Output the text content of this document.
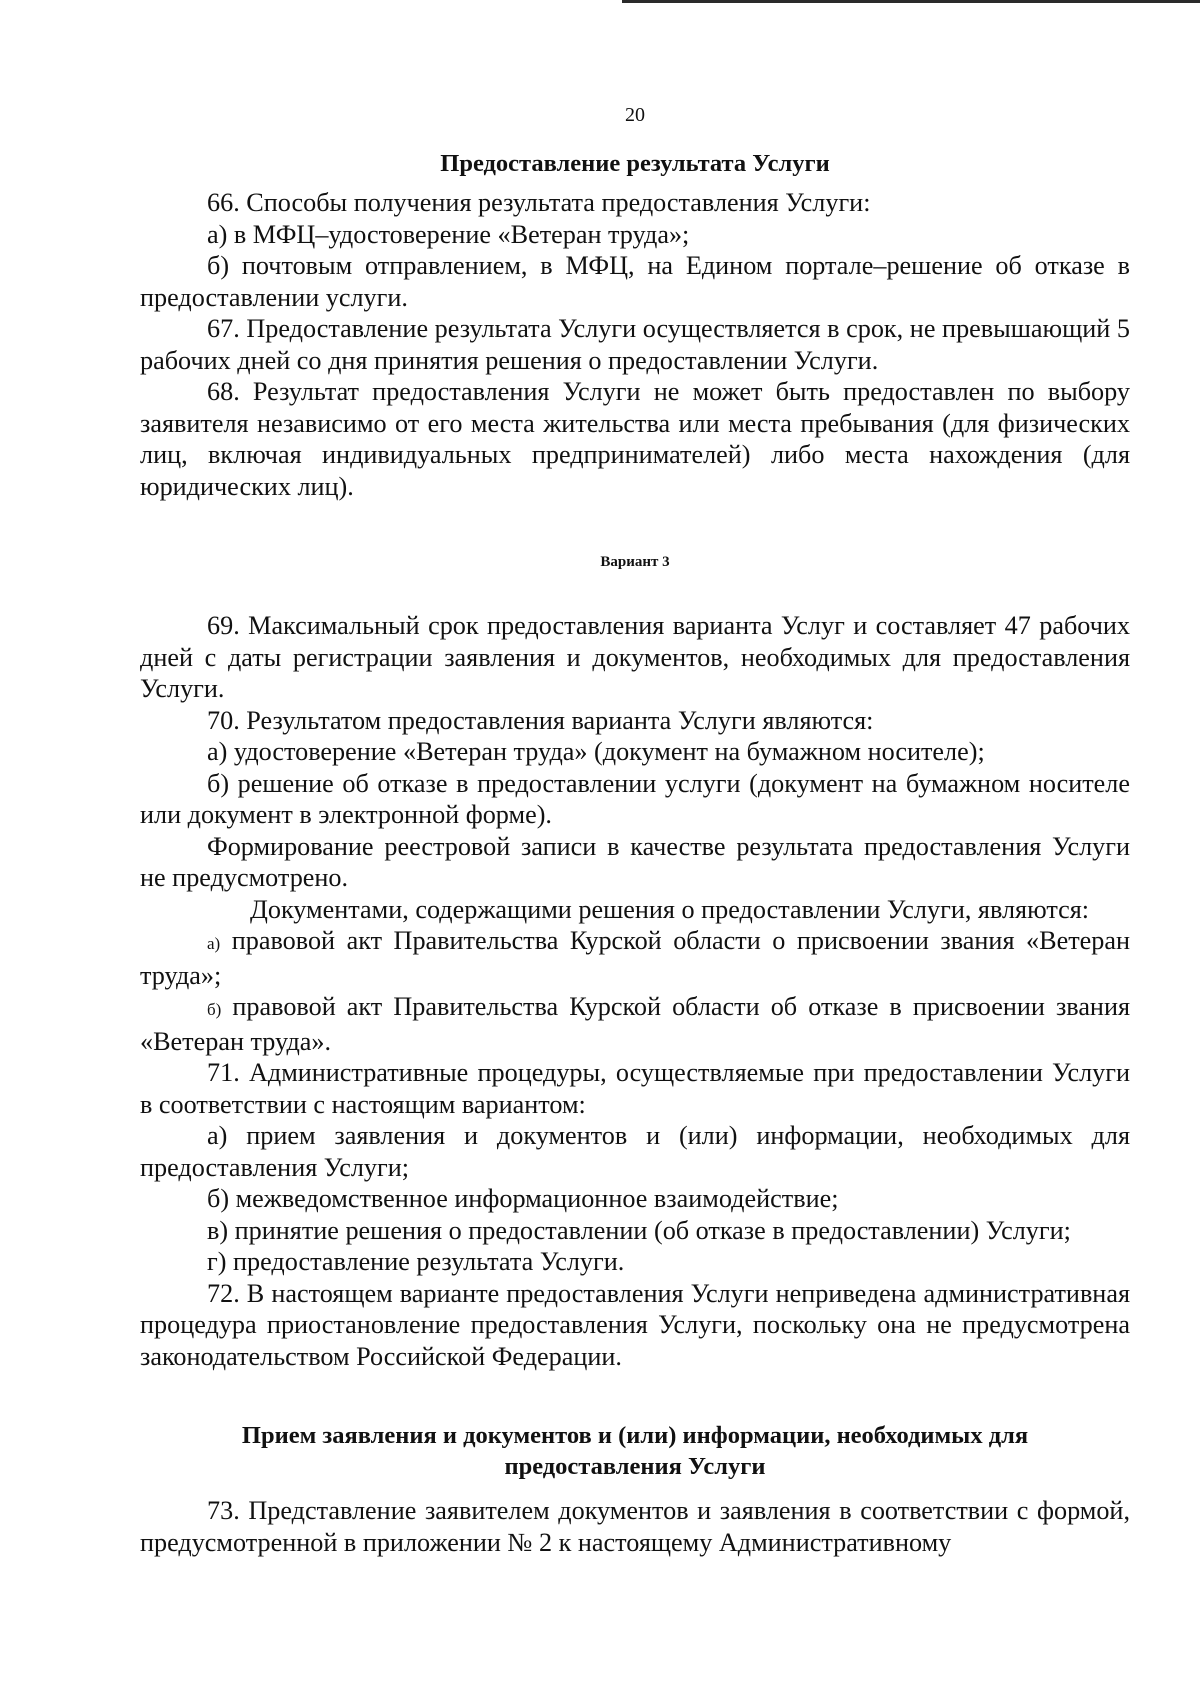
20

Предоставление результата Услуги

66. Способы получения результата предоставления Услуги:

а) в МФЦ–удостоверение «Ветеран труда»;

б) почтовым отправлением, в МФЦ, на Едином портале–решение об отказе в предоставлении услуги.

67. Предоставление результата Услуги осуществляется в срок, не превышающий 5 рабочих дней со дня принятия решения о предоставлении Услуги.

68. Результат предоставления Услуги не может быть предоставлен по выбору заявителя независимо от его места жительства или места пребывания (для физических лиц, включая индивидуальных предпринимателей) либо места нахождения (для юридических лиц).

Вариант 3

69. Максимальный срок предоставления варианта Услуг и составляет 47 рабочих дней с даты регистрации заявления и документов, необходимых для предоставления Услуги.

70. Результатом предоставления варианта Услуги являются:

а) удостоверение «Ветеран труда» (документ на бумажном носителе);

б) решение об отказе в предоставлении услуги (документ на бумажном носителе или документ в электронной форме).

Формирование реестровой записи в качестве результата предоставления Услуги не предусмотрено.

Документами, содержащими решения о предоставлении Услуги, являются:

а) правовой акт Правительства Курской области о присвоении звания «Ветеран труда»;

б) правовой акт Правительства Курской области об отказе в присвоении звания «Ветеран труда».

71. Административные процедуры, осуществляемые при предоставлении Услуги в соответствии с настоящим вариантом:

а) прием заявления и документов и (или) информации, необходимых для предоставления Услуги;

б) межведомственное информационное взаимодействие;

в) принятие решения о предоставлении (об отказе в предоставлении) Услуги;

г) предоставление результата Услуги.

72. В настоящем варианте предоставления Услуги неприведена административная процедура приостановление предоставления Услуги, поскольку она не предусмотрена законодательством Российской Федерации.

Прием заявления и документов и (или) информации, необходимых для
предоставления Услуги

73. Представление заявителем документов и заявления в соответствии с формой, предусмотренной в приложении № 2 к настоящему Административному
